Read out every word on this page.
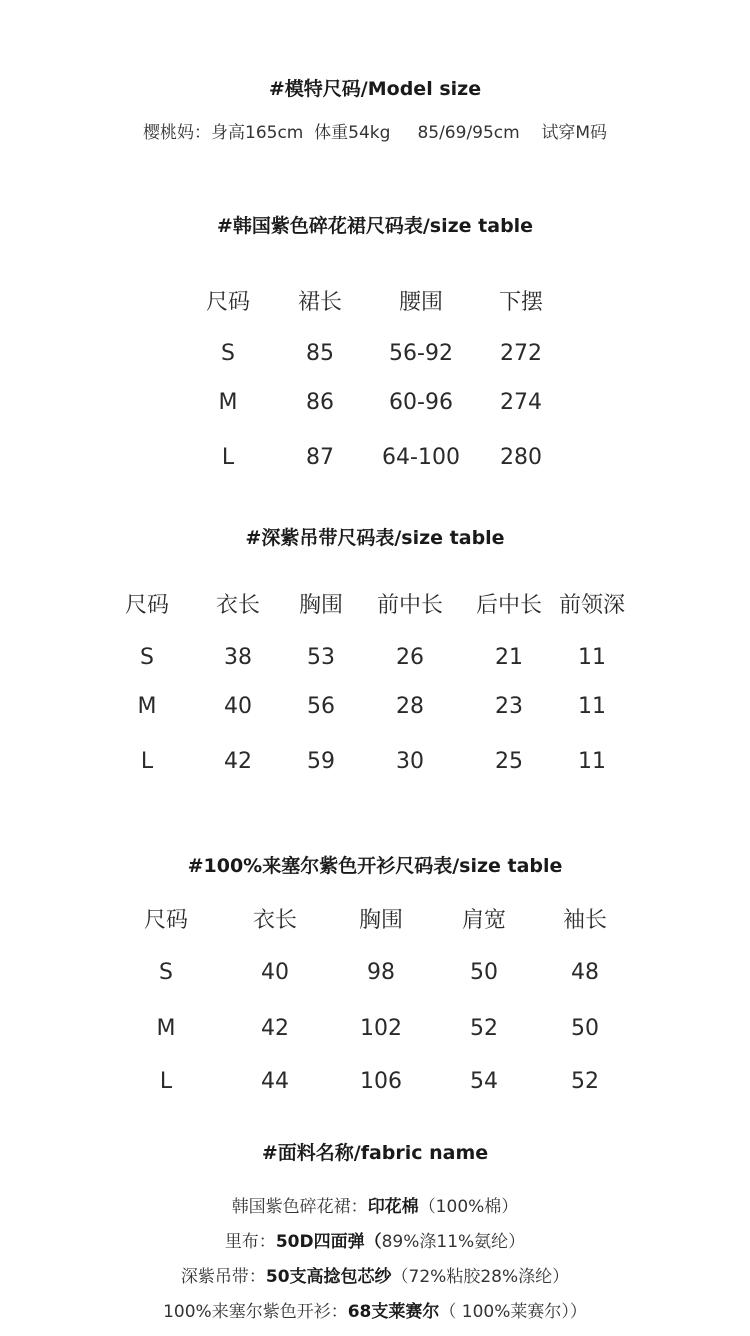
#模特尺码/Model size
樱桃妈：身高165cm  体重54kg     85/69/95cm    试穿M码
#韩国紫色碎花裙尺码表/size table
尺码 裙长	腰围	下摆
S	85	56-92 272
M	86	60-96 274
L	87 64-100 280
#深紫吊带尺码表/size table
尺码 衣长 胸围 前中长 后中长 前领深
S	38	53	26	21	11
M	40	56	28	23	11
L	42	59	30	25	11
#100%来塞尔紫色开衫尺码表/size table
尺码	衣长	胸围	肩宽	袖长
S	40	98	50	48
M	42	102	52	50
L	44	106	54	52
#面料名称/fabric name
韩国紫色碎花裙：印花棉（100%棉）
里布：50D四面弹（89%涤11%氨纶）
深紫吊带：50支高捻包芯纱（72%粘胶28%涤纶）
100%来塞尔紫色开衫：68支莱赛尔（ 100%莱赛尔））
